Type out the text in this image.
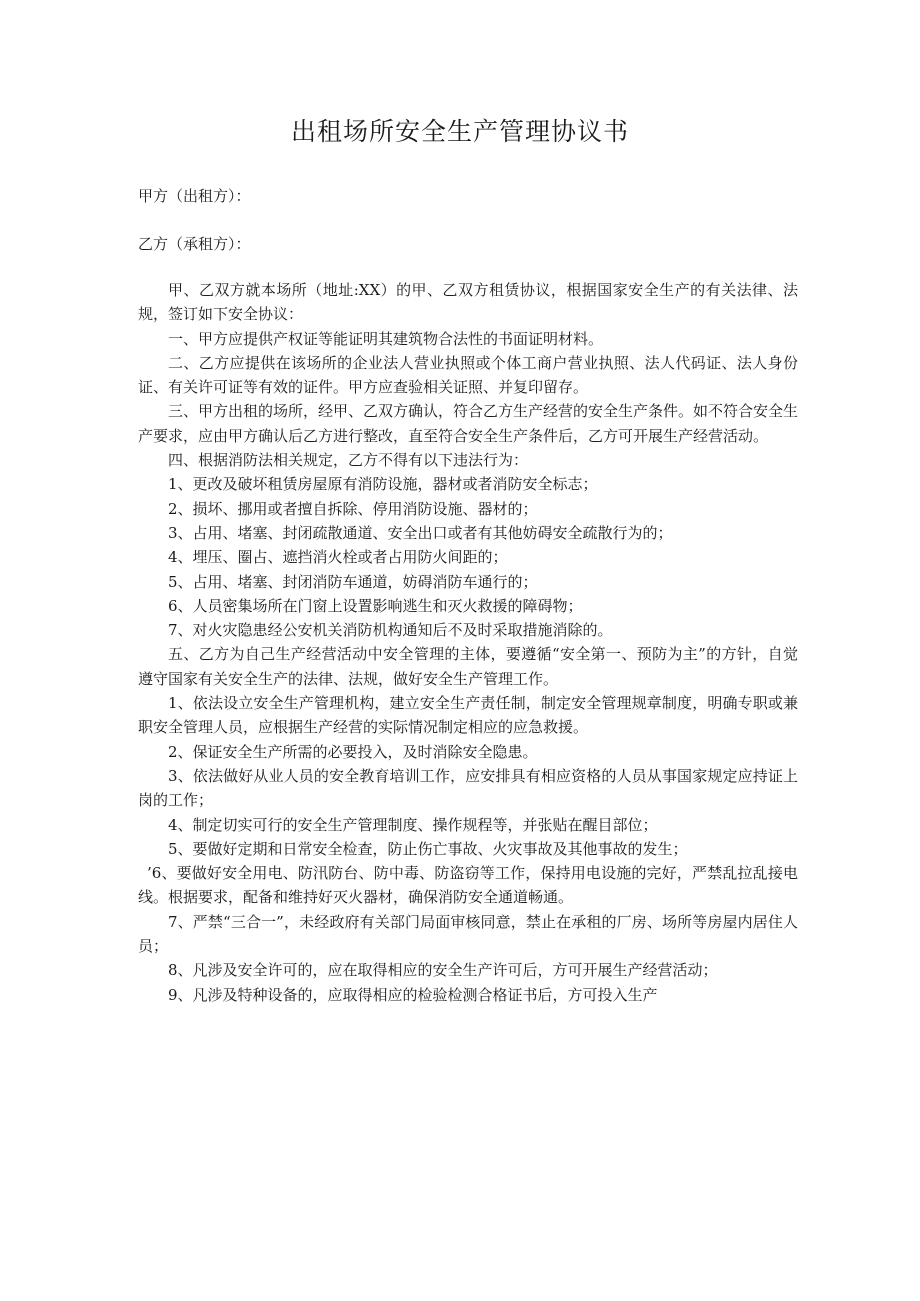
出租场所安全生产管理协议书

甲方（出租方）：

乙方（承租方）：

甲、乙双方就本场所（地址:XX）的甲、乙双方租赁协议，根据国家安全生产的有关法律、法规，签订如下安全协议：

一、甲方应提供产权证等能证明其建筑物合法性的书面证明材料。

二、乙方应提供在该场所的企业法人营业执照或个体工商户营业执照、法人代码证、法人身份证、有关许可证等有效的证件。甲方应查验相关证照、并复印留存。

三、甲方出租的场所，经甲、乙双方确认，符合乙方生产经营的安全生产条件。如不符合安全生产要求，应由甲方确认后乙方进行整改，直至符合安全生产条件后，乙方可开展生产经营活动。

四、根据消防法相关规定，乙方不得有以下违法行为：

1、更改及破坏租赁房屋原有消防设施，器材或者消防安全标志；

2、损坏、挪用或者擅自拆除、停用消防设施、器材的；

3、占用、堵塞、封闭疏散通道、安全出口或者有其他妨碍安全疏散行为的；

4、埋压、圈占、遮挡消火栓或者占用防火间距的；

5、占用、堵塞、封闭消防车通道，妨碍消防车通行的；

6、人员密集场所在门窗上设置影响逃生和灭火救援的障碍物；

7、对火灾隐患经公安机关消防机构通知后不及时采取措施消除的。

五、乙方为自己生产经营活动中安全管理的主体，要遵循“安全第一、预防为主”的方针，自觉遵守国家有关安全生产的法律、法规，做好安全生产管理工作。

1、依法设立安全生产管理机构，建立安全生产责任制，制定安全管理规章制度，明确专职或兼职安全管理人员，应根据生产经营的实际情况制定相应的应急救援。

2、保证安全生产所需的必要投入，及时消除安全隐患。

3、依法做好从业人员的安全教育培训工作，应安排具有相应资格的人员从事国家规定应持证上岗的工作；

4、制定切实可行的安全生产管理制度、操作规程等，并张贴在醒目部位；

5、要做好定期和日常安全检查，防止伤亡事故、火灾事故及其他事故的发生；

’6、要做好安全用电、防汛防台、防中毒、防盗窃等工作，保持用电设施的完好，严禁乱拉乱接电线。根据要求，配备和维持好灭火器材，确保消防安全通道畅通。

7、严禁“三合一”，未经政府有关部门局面审核同意，禁止在承租的厂房、场所等房屋内居住人员；

8、凡涉及安全许可的，应在取得相应的安全生产许可后，方可开展生产经营活动；

9、凡涉及特种设备的，应取得相应的检验检测合格证书后，方可投入生产
